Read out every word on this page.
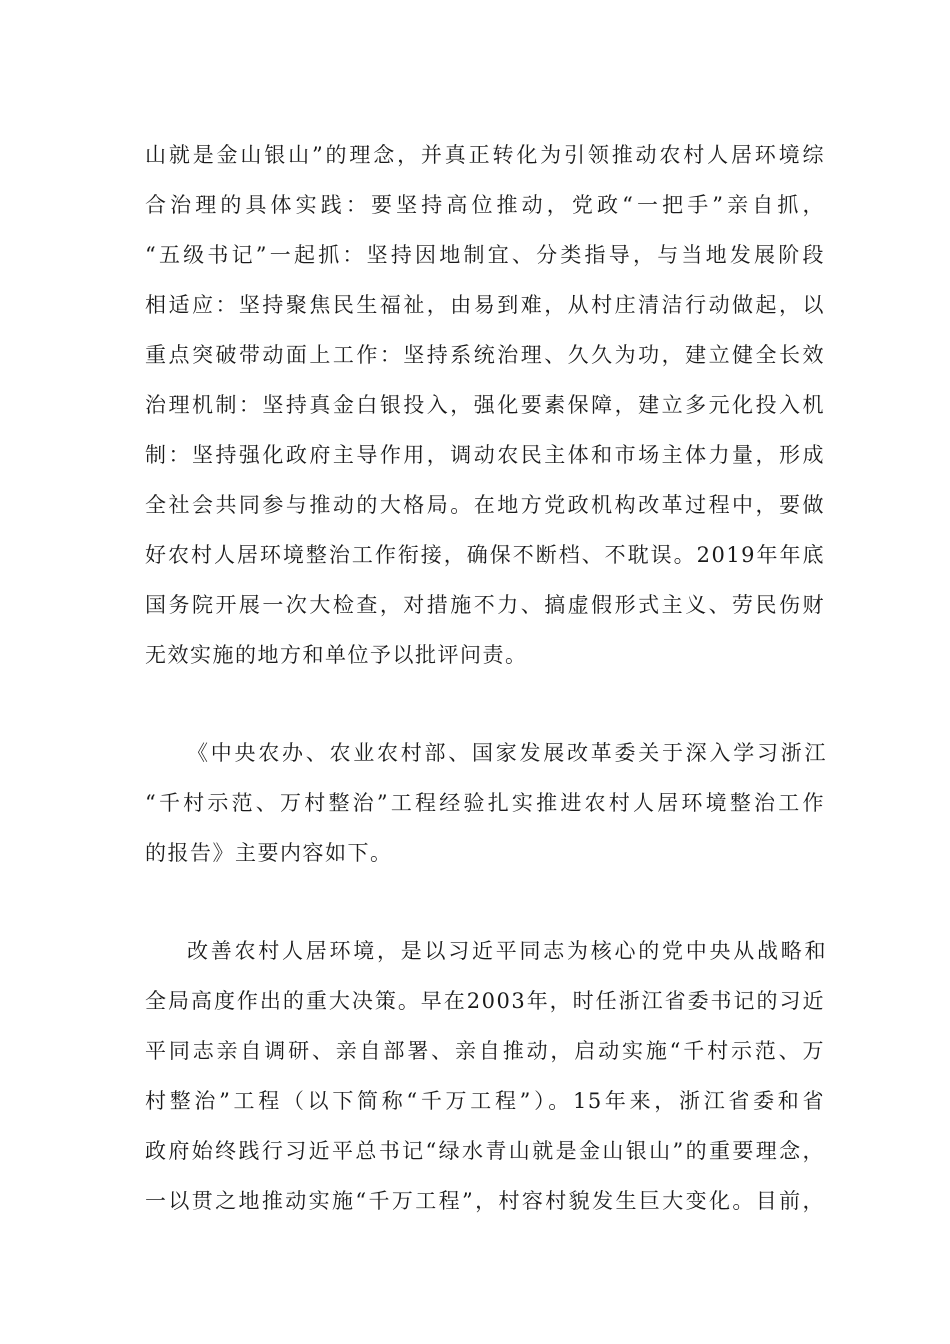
山就是金山银山”的理念，并真正转化为引领推动农村人居环境综
合治理的具体实践：要坚持高位推动，党政“一把手”亲自抓，
“五级书记”一起抓：坚持因地制宜、分类指导，与当地发展阶段
相适应：坚持聚焦民生福祉，由易到难，从村庄清洁行动做起，以
重点突破带动面上工作：坚持系统治理、久久为功，建立健全长效
治理机制：坚持真金白银投入，强化要素保障，建立多元化投入机
制：坚持强化政府主导作用，调动农民主体和市场主体力量，形成
全社会共同参与推动的大格局。在地方党政机构改革过程中，要做
好农村人居环境整治工作衔接，确保不断档、不耽误。2019年年底
国务院开展一次大检查，对措施不力、搞虚假形式主义、劳民伤财
无效实施的地方和单位予以批评问责。
《中央农办、农业农村部、国家发展改革委关于深入学习浙江
“千村示范、万村整治”工程经验扎实推进农村人居环境整治工作
的报告》主要内容如下。
改善农村人居环境，是以习近平同志为核心的党中央从战略和
全局高度作出的重大决策。早在2003年，时任浙江省委书记的习近
平同志亲自调研、亲自部署、亲自推动，启动实施“千村示范、万
村整治”工程（以下简称“千万工程”）。15年来，浙江省委和省
政府始终践行习近平总书记“绿水青山就是金山银山”的重要理念，
一以贯之地推动实施“千万工程”，村容村貌发生巨大变化。目前，
